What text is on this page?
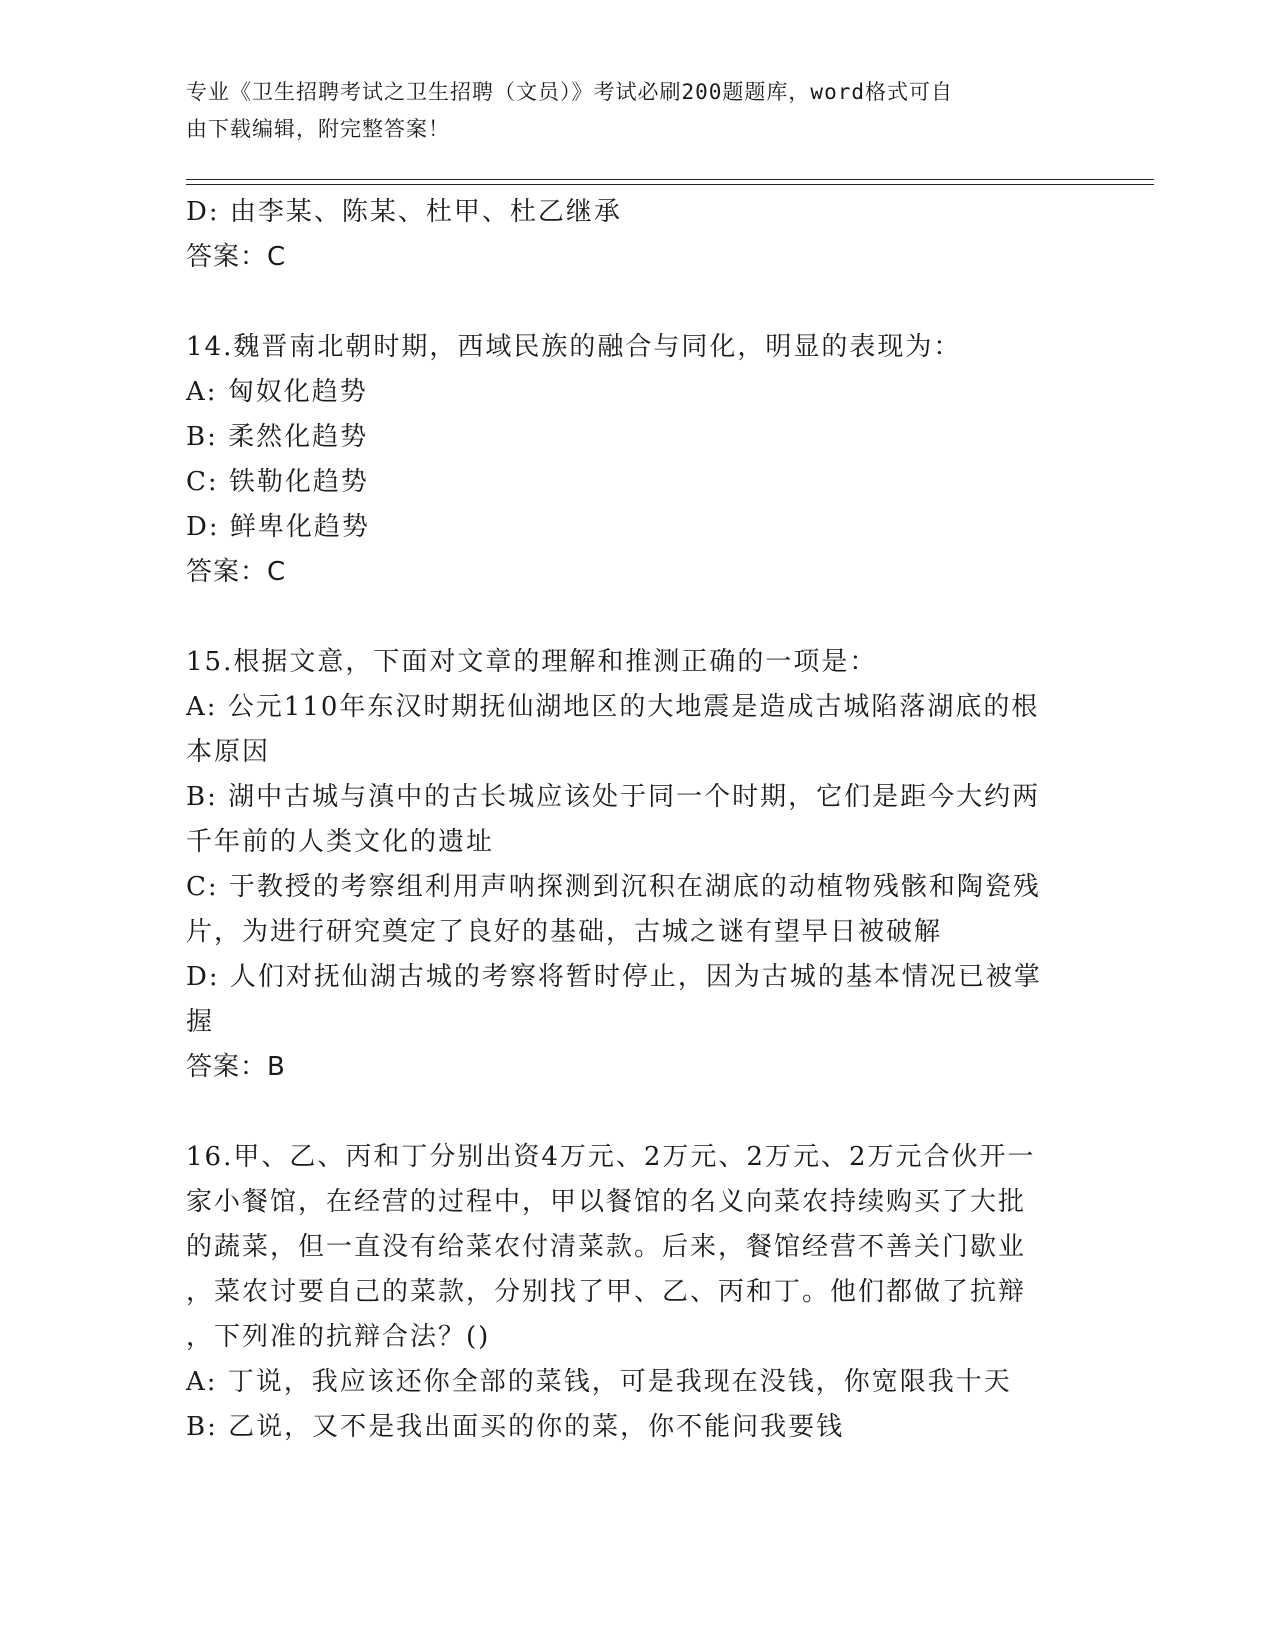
专业《卫生招聘考试之卫生招聘（文员）》考试必刷200题题库，word格式可自
由下载编辑，附完整答案！
D: 由李某、陈某、杜甲、杜乙继承
答案：C
14.魏晋南北朝时期，西域民族的融合与同化，明显的表现为：
A: 匈奴化趋势
B: 柔然化趋势
C: 铁勒化趋势
D: 鲜卑化趋势
答案：C
15.根据文意，下面对文章的理解和推测正确的一项是：
A: 公元110年东汉时期抚仙湖地区的大地震是造成古城陷落湖底的根
本原因
B: 湖中古城与滇中的古长城应该处于同一个时期，它们是距今大约两
千年前的人类文化的遗址
C: 于教授的考察组利用声呐探测到沉积在湖底的动植物残骸和陶瓷残
片，为进行研究奠定了良好的基础，古城之谜有望早日被破解
D: 人们对抚仙湖古城的考察将暂时停止，因为古城的基本情况已被掌
握
答案：B
16.甲、乙、丙和丁分别出资4万元、2万元、2万元、2万元合伙开一
家小餐馆，在经营的过程中，甲以餐馆的名义向菜农持续购买了大批
的蔬菜，但一直没有给菜农付清菜款。后来，餐馆经营不善关门歇业
，菜农讨要自己的菜款，分别找了甲、乙、丙和丁。他们都做了抗辩
，下列准的抗辩合法？()
A: 丁说，我应该还你全部的菜钱，可是我现在没钱，你宽限我十天
B: 乙说，又不是我出面买的你的菜，你不能问我要钱
